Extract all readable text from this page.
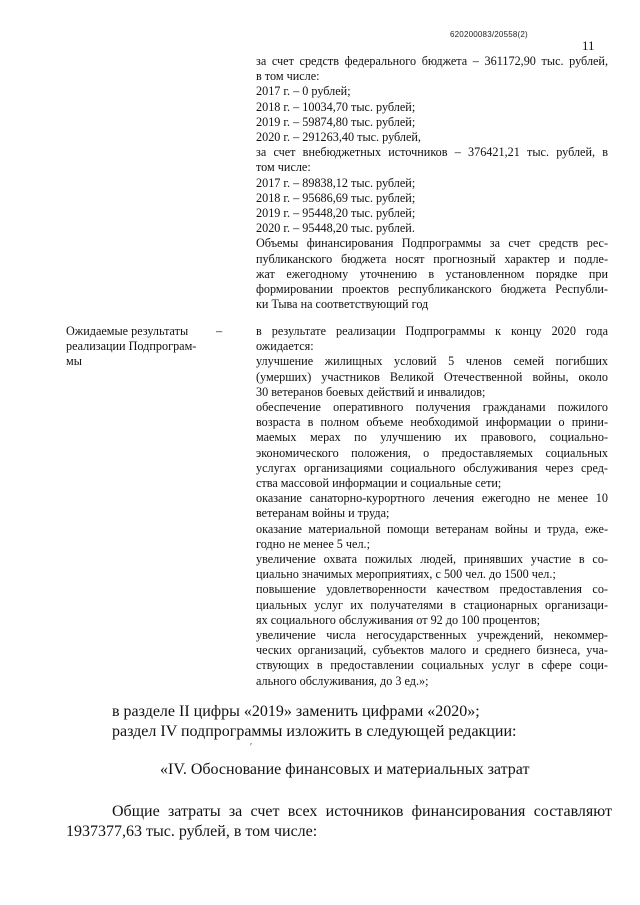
620200083/20558(2)
11
за счет средств федерального бюджета – 361172,90 тыс. рублей,
в том числе:
2017 г. – 0 рублей;
2018 г. – 10034,70 тыс. рублей;
2019 г. – 59874,80 тыс. рублей;
2020 г. – 291263,40 тыс. рублей,
за счет внебюджетных источников – 376421,21 тыс. рублей, в
том числе:
2017 г. – 89838,12 тыс. рублей;
2018 г. – 95686,69 тыс. рублей;
2019 г. – 95448,20 тыс. рублей;
2020 г. – 95448,20 тыс. рублей.
Объемы финансирования Подпрограммы за счет средств рес-
публиканского бюджета носят прогнозный характер и подле-
жат ежегодному уточнению в установленном порядке при
формировании проектов республиканского бюджета Республи-
ки Тыва на соответствующий год
Ожидаемые результаты
реализации Подпрограм-
мы
–	в результате реализации Подпрограммы к концу 2020 года
ожидается:
улучшение жилищных условий 5 членов семей погибших
(умерших) участников Великой Отечественной войны, около
30 ветеранов боевых действий и инвалидов;
обеспечение оперативного получения гражданами пожилого
возраста в полном объеме необходимой информации о прини-
маемых мерах по улучшению их правового, социально-
экономического положения, о предоставляемых социальных
услугах организациями социального обслуживания через сред-
ства массовой информации и социальные сети;
оказание санаторно-курортного лечения ежегодно не менее 10
ветеранам войны и труда;
оказание материальной помощи ветеранам войны и труда, еже-
годно не менее 5 чел.;
увеличение охвата пожилых людей, принявших участие в со-
циально значимых мероприятиях, с 500 чел. до 1500 чел.;
повышение удовлетворенности качеством предоставления со-
циальных услуг их получателями в стационарных организаци-
ях социального обслуживания от 92 до 100 процентов;
увеличение числа негосударственных учреждений, некоммер-
ческих организаций, субъектов малого и среднего бизнеса, уча-
ствующих в предоставлении социальных услуг в сфере соци-
ального обслуживания, до 3 ед.»;
в разделе II цифры «2019» заменить цифрами «2020»;
раздел IV подпрограммы изложить в следующей редакции:
ʹ
«IV. Обоснование финансовых и материальных затрат
Общие затраты за счет всех источников финансирования составляют
1937377,63 тыс. рублей, в том числе:
